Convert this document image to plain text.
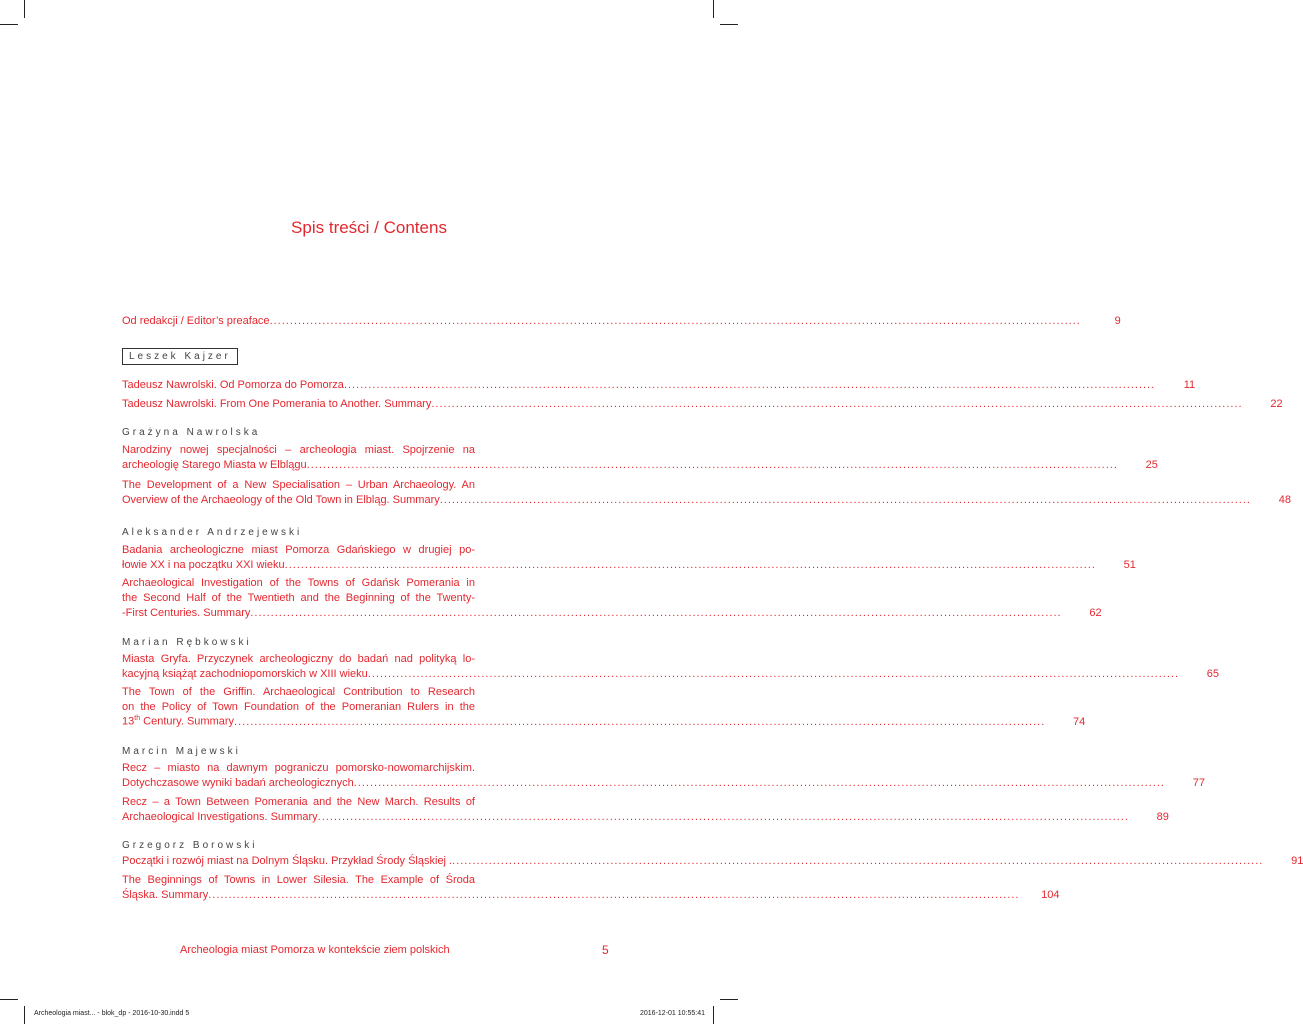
Spis treści / Contens
Od redakcji / Editor’s preaface ........................................................................................................................................................................................................	9
Leszek Kajzer
Tadeusz Nawrolski. Od Pomorza do Pomorza ........................................................................................................................................................................................................	11
Tadeusz Nawrolski. From One Pomerania to Another. Summary ........................................................................................................................................................................................................	22
Grażyna Nawrolska
Narodziny nowej specjalności – archeologia miast. Spojrzenie na
archeologię Starego Miasta w Elblągu ........................................................................................................................................................................................................	25
The Development of a New Specialisation – Urban Archaeology. An
Overview of the Archaeology of the Old Town in Elbląg. Summary ........................................................................................................................................................................................................	48
Aleksander Andrzejewski
Badania archeologiczne miast Pomorza Gdańskiego w drugiej po-
łowie XX i na początku XXI wieku ........................................................................................................................................................................................................	51
Archaeological Investigation of the Towns of Gdańsk Pomerania in
the Second Half of the Twentieth and the Beginning of the Twenty-
-First Centuries. Summary ........................................................................................................................................................................................................	62
Marian Rębkowski
Miasta Gryfa. Przyczynek archeologiczny do badań nad polityką lo-
kacyjną książąt zachodniopomorskich w XIII wieku ........................................................................................................................................................................................................	65
The Town of the Griffin. Archaeological Contribution to Research
on the Policy of Town Foundation of the Pomeranian Rulers in the
13th Century. Summary ........................................................................................................................................................................................................	74
Marcin Majewski
Recz – miasto na dawnym pograniczu pomorsko-nowomarchijskim.
Dotychczasowe wyniki badań archeologicznych ........................................................................................................................................................................................................	77
Recz – a Town Between Pomerania and the New March. Results of
Archaeological Investigations. Summary ........................................................................................................................................................................................................	89
Grzegorz Borowski
Początki i rozwój miast na Dolnym Śląsku. Przykład Środy Śląskiej . ........................................................................................................................................................................................................	91
The Beginnings of Towns in Lower Silesia. The Example of Środa
Śląska. Summary ........................................................................................................................................................................................................	104
Archeologia miast Pomorza w kontekście ziem polskich	5
Archeologia miast... - blok_dp - 2016-10-30.indd 5	2016-12-01 10:55:41
